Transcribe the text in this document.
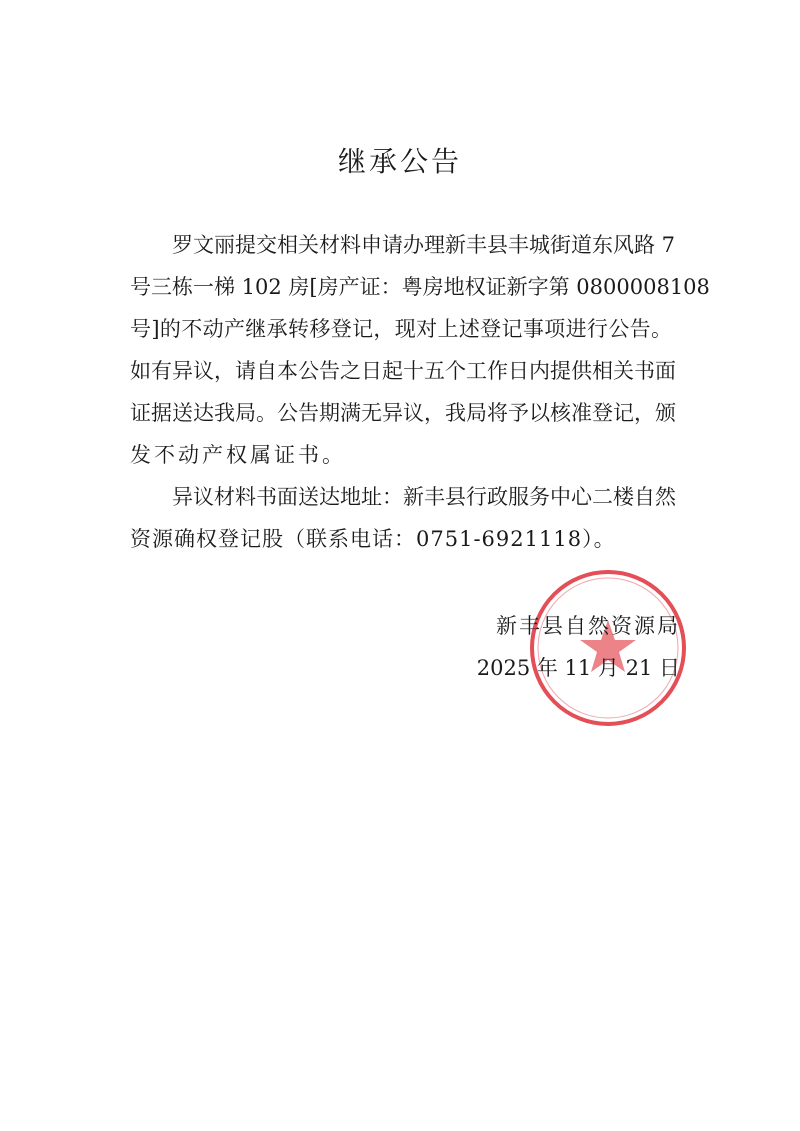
继承公告
罗文丽提交相关材料申请办理新丰县丰城街道东风路 7
号三栋一梯 102 房[房产证：粤房地权证新字第 0800008108
号]的不动产继承转移登记，现对上述登记事项进行公告。
如有异议，请自本公告之日起十五个工作日内提供相关书面
证据送达我局。公告期满无异议，我局将予以核准登记，颁
发不动产权属证书。
异议材料书面送达地址：新丰县行政服务中心二楼自然
资源确权登记股（联系电话：0751-6921118）。
新丰县自然资源局
2025 年 11 月 21 日
